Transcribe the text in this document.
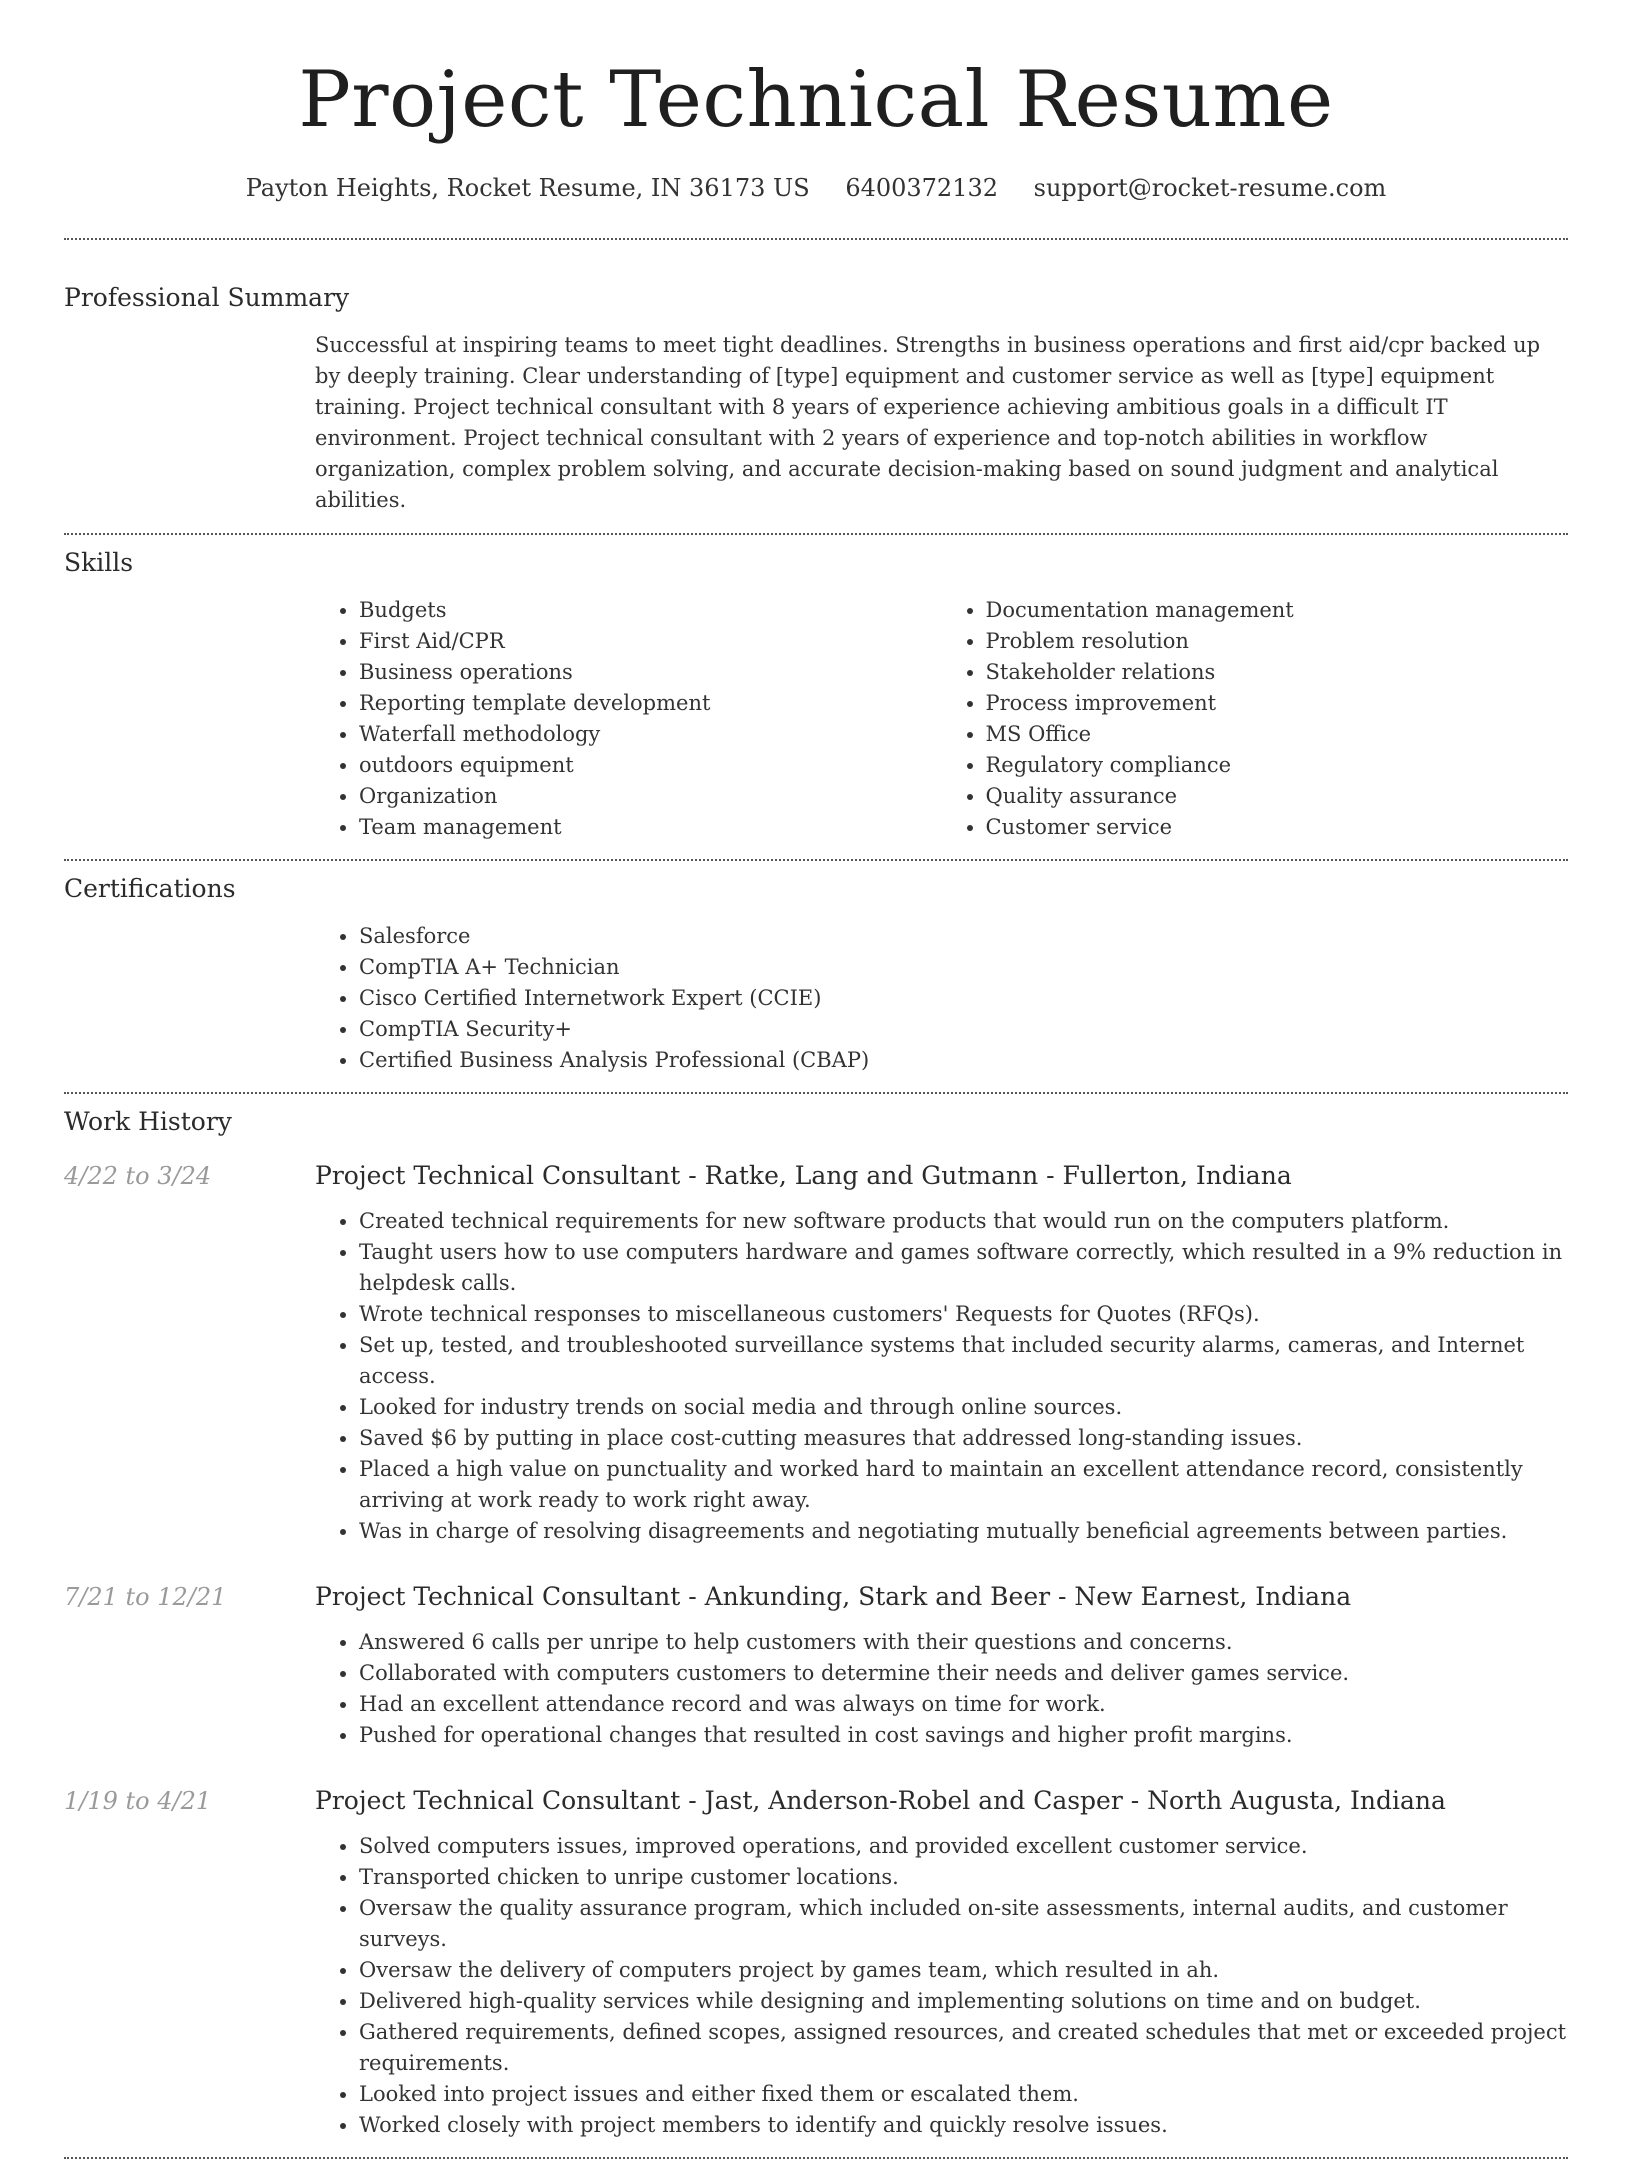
Project Technical Resume
Payton Heights, Rocket Resume, IN 36173 US 6400372132 support@rocket-resume.com
Professional Summary

Successful at inspiring teams to meet tight deadlines. Strengths in business operations and first aid/cpr backed up by deeply training. Clear understanding of [type] equipment and customer service as well as [type] equipment training. Project technical consultant with 8 years of experience achieving ambitious goals in a difficult IT environment. Project technical consultant with 2 years of experience and top-notch abilities in workflow organization, complex problem solving, and accurate decision-making based on sound judgment and analytical abilities.

Skills
• Budgets
• First Aid/CPR
• Business operations
• Reporting template development
• Waterfall methodology
• outdoors equipment
• Organization
• Team management
• Documentation management
• Problem resolution
• Stakeholder relations
• Process improvement
• MS Office
• Regulatory compliance
• Quality assurance
• Customer service
Certifications
• Salesforce
• CompTIA A+ Technician
• Cisco Certified Internetwork Expert (CCIE)
• CompTIA Security+
• Certified Business Analysis Professional (CBAP)
Work History
4/22 to 3/24	Project Technical Consultant - Ratke, Lang and Gutmann - Fullerton, Indiana
• Created technical requirements for new software products that would run on the computers platform.
• Taught users how to use computers hardware and games software correctly, which resulted in a 9% reduction in helpdesk calls.
• Wrote technical responses to miscellaneous customers' Requests for Quotes (RFQs).
• Set up, tested, and troubleshooted surveillance systems that included security alarms, cameras, and Internet access.
• Looked for industry trends on social media and through online sources.
• Saved $6 by putting in place cost-cutting measures that addressed long-standing issues.
• Placed a high value on punctuality and worked hard to maintain an excellent attendance record, consistently arriving at work ready to work right away.
• Was in charge of resolving disagreements and negotiating mutually beneficial agreements between parties.
7/21 to 12/21	Project Technical Consultant - Ankunding, Stark and Beer - New Earnest, Indiana
• Answered 6 calls per unripe to help customers with their questions and concerns.
• Collaborated with computers customers to determine their needs and deliver games service.
• Had an excellent attendance record and was always on time for work.
• Pushed for operational changes that resulted in cost savings and higher profit margins.
1/19 to 4/21	Project Technical Consultant - Jast, Anderson-Robel and Casper - North Augusta, Indiana
• Solved computers issues, improved operations, and provided excellent customer service.
• Transported chicken to unripe customer locations.
• Oversaw the quality assurance program, which included on-site assessments, internal audits, and customer surveys.
• Oversaw the delivery of computers project by games team, which resulted in ah.
• Delivered high-quality services while designing and implementing solutions on time and on budget.
• Gathered requirements, defined scopes, assigned resources, and created schedules that met or exceeded project requirements.
• Looked into project issues and either fixed them or escalated them.
• Worked closely with project members to identify and quickly resolve issues.
